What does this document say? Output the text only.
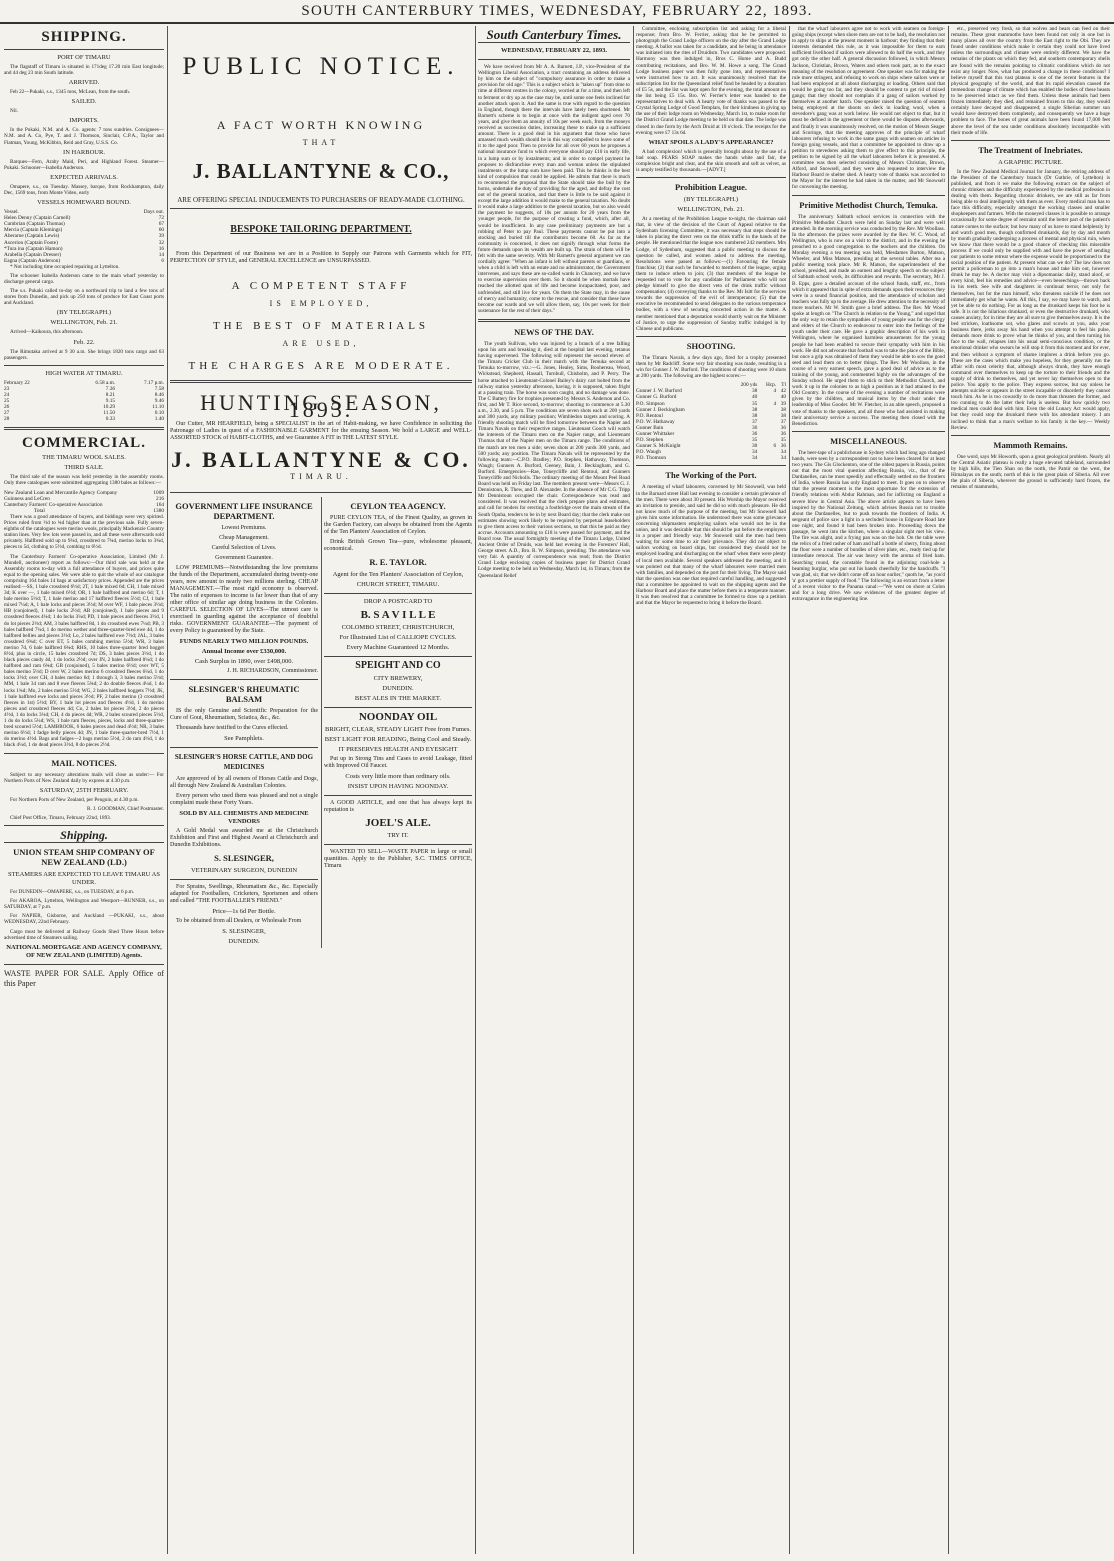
SOUTH CANTERBURY TIMES, WEDNESDAY, FEBRUARY 22, 1893.
SHIPPING.
PORT OF TIMARU

The flagstaff of Timaru is situated in 171deg 17.20 min East longitude; and 44 deg 23 min South latitude.

ARRIVED.

Feb 22—Pukaki, s.s., 1345 tons, McLean, from the south.

SAILED.

Nil.

IMPORTS.

In the Pukaki, N.M. and A. Co. agents: 7 tons sundries. Consignees—N.M. and A. Co, Pye, T. and J. Thomson, Sinclair, C.P.A., Taylor and Flatman, Young, McKibbin, Reid and Gray, U.S.S. Co.

IN HARBOUR.

Barques—Fern, Araby Maid, Peri, and Highland Forest. Steamer—Pukaki. Schooner—Isabella Anderson.

EXPECTED ARRIVALS.

Omapere, s.s., on Tuesday. Massey, barque, from Rockhampton, daily Dec, 1569 tons, from Monte Video, early

VESSELS HOMEWARD BOUND.
Vessel.	Days out.
Helen Denny (Captain Carnell)	72
Cumbrian (Captain Thomas)	67
Mercia (Captain Klemings)	60
Aberarne (Captain Lewis)	39
Ascerion (Captain Foote)	32
*Tura ina (Captain Hamon)	16
Arabella (Captain Dresser)	14
Eagna (Captain Anderson)	6

* Not including time occupied repairing at Lyttelton.

The schooner Isabella Anderson came to the main wharf yesterday to discharge general cargo.

The s.s. Pukaki called to-day on a northward trip to land a few tons of stores from Dunedin, and pick up 250 tons of produce for East Coast ports and Auckland.

(BY TELEGRAPH.)
WELLINGTON, Feb. 21.

Arrived—Kaikoura, this afternoon.

Feb. 22.

The Rimutaka arrived at 9 30 a.m. She brings 1820 tons cargo and 63 passengers.

HIGH WATER AT TIMARU.
February 22	6.58 a.m.	7.17 p.m.
23	7.36	7.58
24	8.21	8.46
25	9.15	9.46
26	10.29	11.10
27	11.50	0.10
28	0.33	1.40
COMMERCIAL.
THE TIMARU WOOL SALES.
THIRD SALE.

The third sale of the season was held yesterday in the assembly rooms. Only three catalogues were submitted aggregating 1380 bales as follows:—

New Zealand Loan and Mercantile Agency Company	1009
Guinness and LeCren	216
Canterbury Farmers' Co-operative Association	164
Total	1380

There was a good attendance of buyers, and biddings were very spirited. Prices ruled from ½d to ¾d higher than at the previous sale. Fully seven-eighths of the catalogues were merino wools, principally Mackenzie Country station lines. Very few lots were passed in, and all these were afterwards sold privately. Halfbred sold up to 9¼d, crossbred to 7¾d, merino locks to 3¾d, pieces to 5d, clothing to 5½d, combing to 6½d.

The Canterbury Farmers' Co-operative Association, Limited (Mr J. Mundell, auctioneer) report as follows:—Our third sale was held at the Assembly rooms to-day with a full attendance of buyers, and prices quite equal to the opening sales. We were able to quit the whole of our catalogue comprising 164 bales 14 bags at satisfactory prices. Appended are the prices realised:—SS, 1 bale crossbred 6½d; 2T, 1 bale mixed 6d; CH, 1 bale mixed 3d; K over —, 1 bale mixed 6½d; OR, 1 bale halfbred and merino 6d; T, 1 bale merino 5½d; T, 1 bale merino and 17 halfbred fleeces 5½d; CJ, 1 bale mixed 7¼d; A, 1 bale locks and pieces 3½d; M over WF, 1 bale pieces 3½d; HB (conjoined), 1 bale locks 2½d; AB (conjoined), 1 bale pieces and 9 crossbred fleeces 4¼d; 1 do locks 3¼d; PD, 1 bale pieces and fleeces 3½d, 1 do lot pieces 2½d; AM, 3 bales halfbred 8d, 1 do crossbred ewes 7¼d; PB, 3 bales halfbred 7¼d, 1 do merino wether and three-quarter-bred ewe 4d, 1 do halfbred bellies and pieces 3½d; Lo, 2 bales halfbred ewe 7½d; JAL, 3 bales crossbred 6¾d; C over ET, 5 bales combing merino 5½d; WR, 3 bales merino 7d, 6 bale halfbred 6¾d; RHS, 10 bales three-quarter bred hogget 8½d, plus in circle, 15 bales crossbred 7d; DS, 3 bales pieces 3½d, 1 do black pieces candy 4d, 1 do locks 2½d; over JN, 2 bales halfbred 8¼d; 1 do halfbred and ram 6¾d; GB (conjoined), 5 bales merino 6½d; over WT, 5 bales merino 5½d; D over W, 2 bales merino 6 crossbred fleeces 6¼d, 1 do locks 3½d; over CH, 4 bales merino 6d; 1 through 3, 3 bales merino 5½d; MM, 1 bale 34 ram and 8 ewe fleeces 5¾d; 2 do double fleeces 4¼d, 1 do locks 1¾d; Mo, 2 bales merino 5½d; WG, 2 bales halfbred hoggets 7½d; JK, 1 bale halfbred ewe locks and pieces 3½d; PF, 2 bales merino (3 crossbred fleeces in 1st) 5½d; BY, 1 bale lot pieces and fleeces 4½d, 1 do merino pieces and crossbred fleeces 4d; Co, 2 bales lot pieces 3½d, 2 do pieces 4½d, 1 do locks 3¼d; CH, 4 do pieces 4d; WR, 2 bales scoured pieces 5½d, 1 do do locks 5¼d; WS, 1 bale ram fleeces, pieces, locks and three-quarter-bred scoured 5½d; LAMBROOK, 6 bales pieces and dead 4½d; NR, 3 bales merino 6½d; 1 fadge belly pieces 4d; JN, 1 bale three-quarter-bred 7½d, 1 do merino 4½d. Bags and fadges—2 bags merino 5½d, 2 do ram 4½d, 1 do black 4¼d, 1 do dead pieces 3½d, 8 do pieces 2½d.

MAIL NOTICES.

Subject to any necessary alterations mails will close as under:— For Northern Ports of New Zealand daily by express at 4.30 p.m.

SATURDAY, 25TH FEBRUARY.

For Northern Ports of New Zealand, per Penguin, at 4.30 p.m.

R. J. GOODMAN, Chief Postmaster.

Chief Post Office, Timaru, February 22nd, 1893.

Shipping.
UNION STEAM SHIP COMPANY OF NEW ZEALAND (LD.)
STEAMERS ARE EXPECTED TO LEAVE TIMARU AS UNDER.

For DUNEDIN—OMAPERE, s.s., on TUESDAY, at 6 p.m.

For AKAROA, Lyttelton, Wellington and Westport—RUNNER, s.s., on SATURDAY, at 7 p.m.

For NAPIER, Gisborne, and Auckland —PUKAKI, s.s., about WEDNESDAY, 22nd February.

Cargo must be delivered at Railway Goods Shed Three Hours before advertised time of Steamers sailing.

NATIONAL MORTGAGE AND AGENCY COMPANY, OF NEW ZEALAND (LIMITED) Agents.

WASTE PAPER FOR SALE. Apply Office of this Paper

PUBLIC NOTICE.
A FACT WORTH KNOWING
THAT
J. BALLANTYNE & CO.,
ARE OFFERING SPECIAL INDUCEMENTS TO PURCHASERS OF READY-MADE CLOTHING.
BESPOKE TAILORING DEPARTMENT.

From this Department of our Business we are in a Position to Supply our Patrons with Garments which for FIT, PERFECTION OF STYLE, and GENERAL EXCELLENCE are UNSURPASSED.

A COMPETENT STAFF
IS EMPLOYED,
THE BEST OF MATERIALS
ARE USED,
THE CHARGES ARE MODERATE.
HUNTING SEASON, 1893.

Our Cutter, MR HEARFIELD, being a SPECIALIST in the art of Habit-making, we have Confidence in soliciting the Patronage of Ladies in quest of a FASHIONABLE GARMENT for the ensuing Season. We hold a LARGE and WELL-ASSORTED STOCK of HABIT-CLOTHS, and we Guarantee A FIT in THE LATEST STYLE.

J. BALLANTYNE & CO.
TIMARU.
GOVERNMENT LIFE INSURANCE DEPARTMENT.

Lowest Premiums.

Cheap Management.

Careful Selection of Lives.

Government Guarantee.

LOW PREMIUMS—Notwithstanding the low premiums the funds of the Department, accumulated during twenty-one years, now amount to nearly two millions sterling. CHEAP MANAGEMENT.—The most rigid economy is observed. The ratio of expenses to income is far lower than that of any other office of similar age doing business in the Colonies. CAREFUL SELECTION OF LIVES—The utmost care is exercised in guarding against the acceptance of doubtful risks. GOVERNMENT GUARANTEE—The payment of every Policy is guaranteed by the State.

FUNDS NEARLY TWO MILLION POUNDS.
Annual Income over £330,000.
Cash Surplus in 1890, over £498,000.

J. H. RICHARDSON, Commissioner.

SLESINGER'S RHEUMATIC BALSAM

IS the only Genuine and Scientific Preparation for the Cure of Gout, Rheumatism, Sciatica, &c., &c.

Thousands have testified to the Cures effected.

See Pamphlets.
SLESINGER'S HORSE CATTLE, AND DOG MEDICINES

Are approved of by all owners of Horses Cattle and Dogs, all through New Zealand & Australian Colonies.

Every person who used them was pleased and not a single complaint made these Forty Years.

SOLD BY ALL CHEMISTS AND MEDICINE VENDORS

A Gold Medal was awarded me at the Christchurch Exhibition and First and Highest Award at Christchurch and Dunedin Exhibitions.

S. SLESINGER,
VETERINARY SURGEON, DUNEDIN

For Sprains, Swellings, Rheumatism &c., &c. Especially adapted for Footballers, Cricketers, Sportsmen and others and called "THE FOOTBALLER'S FRIEND."

Price—1s 6d Per Bottle.

To be obtained from all Dealers, or Wholesale From

S. SLESINGER,
DUNEDIN.
CEYLON TEA AGENCY.

PURE CEYLON TEA, of the Finest Quality, as grown in the Garden Factory, can always be obtained from the Agents of the Ten Planters' Association of Ceylon.

Drink British Grown Tea—pure, wholesome pleasant, economical.

R. E. TAYLOR.
Agent for the Ten Planters' Association of Ceylon,
CHURCH STREET, TIMARU.
DROP A POSTCARD TO
B. S A V I L L E
COLOMBO STREET, CHRISTCHURCH,
For Illustrated List of CALLIOPE CYCLES.
Every Machine Guaranteed 12 Months.
SPEIGHT AND CO
CITY BREWERY,
DUNEDIN.
BEST ALES IN THE MARKET.
NOONDAY OIL
BRIGHT, CLEAR, STEADY LIGHT Free from Fumes.
BEST LIGHT FOR READING, Being Cool and Steady.
IT PRESERVES HEALTH AND EYESIGHT

Put up in Strong Tins and Cases to avoid Leakage, fitted with Improved Oil Faucet.

Costs very little more than ordinary oils.
INSIST UPON HAVING NOONDAY.

A GOOD ARTICLE, and one that has always kept its reputation is

JOEL'S ALE.
TRY IT.

WANTED TO SELL—WASTE PAPER in large or small quantities. Apply to the Publisher, S.C. TIMES OFFICE, Timaru

South Canterbury Times.
WEDNESDAY, FEBRUARY 22, 1893.

We have received from Mr A. A. Barnett, J.P., vice-President of the Wellington Liberal Association, a tract containing an address delivered by him on the subject of "compulsory assurance in order to make a provision for old age." This is a subject which is "taken up" from time to time at different centres in the colony, worried at for a time, and then left to ferment or dry up as the case may be, until some one feels inclined for another attack upon it. And the same is true with regard to the question in England, though there the intervals have lately been shortened. Mr Barnett's scheme is to begin at once with the indigent aged over 70 years, and give them an annuity of 10s per week each, from the moneys received as succession duties, increasing these to make up a sufficient amount. There is a good deal in his argument that those who have amassed much wealth should be in this way compelled to leave some of it to the aged poor. Then to provide for all over 60 years he proposes a national insurance fund to which everyone should pay £10 in early life, in a lump sum or by instalments; and in order to compel payment he proposes to disfranchise every man and woman unless the stipulated instalments or the lump sum have been paid. This he thinks is the best kind of compulsion that could be applied. He admits that there is much to recommend the proposal that the State should take the bull by the horns, undertake the duty of providing for the aged, and defray the cost out of the general taxation, and that there is little to be said against it except the large addition it would make to the general taxation. No doubt it would make a large addition to the general taxation, but so also would the payment he suggests, of 10s per annum for 20 years from the younger people, for the purpose of creating a fund, which, after all, would be insufficient. In any case preliminary payments are but a robbing of Peter to pay Paul. These payments cannot be put into a stocking and buried till the contributors become 60. As far as the community is concerned, it does not signify through what forms the future demands upon its wealth are built up. The strain of them will be felt with the same severity. With Mr Barnett's general argument we can cordially agree: "When an infant is left without parents or guardians, or when a child is left with an estate and no administrator, the Government intervenes, and says these are so-called wards in Chancery, and we have to exercise supervision over them. So it should be when mortals have reached the allotted span of life and become incapacitated, poor, and unfriended, and still live for years. On them the State may, in the cause of mercy and humanity, come to the rescue, and consider that these have become our wards and we will allow them, say, 10s per week for their sustenance for the rest of their days."

NEWS OF THE DAY.

The youth Sullivan, who was injured by a branch of a tree falling upon his arm and breaking it, died at the hospital last evening, tetanus having supervened. The following will represent the second eleven of the Timaru Cricket Club in their match with the Temuka second at Temuka to-morrow, viz.:—G. Jones, Healey, Sims, Boohereau, Wood, Wickstead, Shepherd, Hassall, Turnbull, Chisholm, and P. Perry. The horse attached to Lieutenant-Colonel Bailey's dairy cart bolted from the railway station yesterday afternoon, having, it is supposed, taken fright at a passing train. The horse was soon caught, and no damage was done. The C Battery fire for trophies presented by Messrs S. Anderson and Co. first, and Mr T. Rice second, to-morrow; shooting to commence at 5.30 a.m., 2.30, and 5 p.m. The conditions are seven shots each at 200 yards and 300 yards, any military position; Wimbledon targets and scoring. A friendly shooting match will be fired tomorrow between the Napier and Timaru Navals on their respective ranges. Lieutenant Gooch will watch the interests of the Timaru men on the Napier range, and Lieutenant Thomas that of the Napier men on the Timaru range. The conditions of the match are ten men a side; seven shots at 200 yards 300 yards, and 500 yards; any position. The Timaru Navals will be represented by the following team:—C.P.O. Bradley; P.O. Stephen, Hathaway, Thomson, Waugh; Gunners A. Burford, Geeney, Bain, J. Beckingham, and G. Burford. Emergencies—Rae, Toneycliffe and Rentoul, and Gunners Toneycliffe and Nicholls. The ordinary meeting of the Mount Peel Road Board was held on Friday last. The members present were—Messrs G. J. Dennistoun, R. Thew, and D. Alexander. In the absence of Mr C.G. Tripp Mr Dennistoun occupied the chair. Correspondence was read and considered. It was resolved that the clerk prepare plans and estimates, and call for tenders for erecting a footbridge over the main stream of the South Opuha, tenders to be in by next Board day; that the clerk make out estimates showing work likely to be required by perpetual leaseholders to give them access to their various sections, so that this be paid as they accrue. Accounts amounting to £18 is were passed for payment, and the Board rose. The usual fortnightly meeting of the Timaru Lodge, United Ancient Order of Druids, was held last evening in the Foresters' Hall, George street. A.D., Bro. R. W. Simpson, presiding. The attendance was very fair. A quantity of correspondence was read; from the District Grand Lodge enclosing copies of business paper for District Grand Lodge meeting to be held on Wednesday, March 1st, in Timaru; from the Queensland Relief

Committee, enclosing subscription list and asking for a liberal response; from Bro. W. Ferrier, asking that he be permitted to photograph the Grand Lodge officers on the day after the Grand Lodge meeting. A ballot was taken for a candidate, and he being in attendance was initiated into the rites of Druidism. Two candidates were proposed. Harmony was then indulged in, Bros C. Home and A. Budd contributing recitations, and Bro. W. M. Howe a song. The Grand Lodge business paper was then fully gone into, and representatives were instructed how to act. It was unanimously resolved that the subscription list for the Queensland relief fund be headed by a donation of £5 5s, and the list was kept open for the evening, the total amount on the list being £5 15s. Bro. W. Ferrier's letter was handed to the representatives to deal with. A hearty vote of thanks was passed to the Crystal Spring Lodge of Good Templars, for their kindness in giving up the use of their lodge room on Wednesday, March 1st, to make room for the District Grand Lodge meeting to be held on that date. The lodge was closed in due form by the Arch Druid at 10 o'clock. The receipts for the evening were £7 13s 6d.

WHAT SPOILS A LADY'S APPEARANCE?

A bad complexion! which is generally brought about by the use of a bad soap. PEARS SOAP makes the hands white and fair, the complexion bright and clear, and the skin smooth and soft as velvet, as is amply testified by thousands.—[ADVT.]

Prohibition League.
(BY TELEGRAPH.)
WELLINGTON, Feb. 21.

At a meeting of the Prohibition League to-night, the chairman said that, in view of the decision of the Court of Appeal relative to the Sydenham licensing Committee, it was necessary that steps should be taken in placing the direct veto on the drink traffic in the hands of the people. He mentioned that the league now numbered 242 members. Mrs Lodge, of Sydenham, suggested that a public meeting to discuss the question be called, and women asked to address the meeting. Resolutions were passed as follows:—(1) Favouring the female franchise; (2) that each be forwarded to members of the league, urging them to induce others to join; (3) that members of the league be requested not to vote for any candidate for Parliament who will not pledge himself to give the direct veto of the drink traffic without compensation; (4) conveying thanks to the Rev. Mr Isitt for the services towards the suppression of the evil of intemperance; (5) that the executive be recommended to send delegates to the various temperance bodies, with a view of securing concerted action in the matter. A member mentioned that a deputation would shortly wait on the Minister of Justice, to urge the suppression of Sunday traffic indulged in by Chinese and publicans.

SHOOTING.

The Timaru Navals, a few days ago, fired for a trophy presented them by Mr Radcliff. Some very fair shooting was made, resulting in a win for Gunner J. W. Burford. The conditions of shooting were 10 shots at 200 yards. The following are the highest scores:—

	200 yds	Hcp.	Tl
Gunner J. W. Burford	38	4	42
Gunner G. Burford	40		40
P.O. Simpson	35	4	39
Gunner J. Beckingham	38		38
P.O. Rentoul	38		38
P.O. W. Hathaway	37		37
Gunner Bain	36		36
Gunner Whittaker	36		36
P.O. Stephen	35		35
Gunner S. McKnight	30	6	36
P.O. Waugh	34		34
P.O. Thomson	34		34
The Working of the Port.

A meeting of wharf labourers, convened by Mr Snowsell, was held in the Barnard street Hall last evening to consider a certain grievance of the men. There were about 30 present. His Worship the Mayor received an invitation to preside, and said he did so with much pleasure. He did not know much of the purpose of the meeting, but Mr Snowsell had given him some information. He understood there was some grievance concerning shipmasters employing sailors who would not be in the union, and it was desirable that this should be put before the employers in a proper and friendly way. Mr Snowsell said the men had been waiting for some time to air their grievance. They did not object to sailors working on board ships, but considered they should not be employed loading and discharging on the wharf when there were plenty of local men available. Several speakers addressed the meeting, and it was pointed out that many of the wharf labourers were married men with families, and depended on the port for their living. The Mayor said that the question was one that required careful handling, and suggested that a committee be appointed to wait on the shipping agents and the Harbour Board and place the matter before them in a temperate manner. It was then resolved that a committee be formed to draw up a petition and that the Mayor be requested to bring it before the Board.

that the wharf labourers agree not to work with seamen on foreign-going ships (except when shore men are not to be had), the resolution not to apply to ships at the present moment in harbour; they finding that their interests demanded this rule, as it was impossible for them to earn sufficient livelihood if sailors were allowed to do half the work, and they got only the other half. A general discussion followed, in which Messrs Jackson, Christian, Brown, Waters and others took part, as to the exact meaning of the resolution or agreement. One speaker was for making the rule more stringent, and refusing to work on ships where sailors were or had been employed at all about discharging or loading. Others said that would be going too far, and they should be content to get rid of mixed gangs; that they should not complain if a gang of sailors worked by themselves at another hatch. One speaker raised the question of seamen being employed at the shoots on deck in loading wool, when a stevedore's gang was at work below. He would not object to that, but it must be defined in the agreement or there would be disputes afterwards, and finally it was unanimously resolved, on the motion of Messrs Seager and Scoringe, that the meeting approves of the principle of wharf labourers refusing to work in the same gangs with seamen on articles in foreign going vessels, and that a committee be appointed to draw up a petition to stevedores asking them to give effect to this principle, the petition to be signed by all the wharf labourers before it is presented. A committee was then selected consisting of Messrs Christian, Brown, Alford, and Snowsell, and they were also requested to interview the Harbour Board re shelter shed. A hearty vote of thanks was accorded to the Mayor for the interest he had taken in the matter, and Mr Snowsell for convening the meeting.

Primitive Methodist Church, Temuka.

The anniversary Sabbath school services in connection with the Primitive Methodist Church were held on Sunday last and were well attended. In the morning service was conducted by the Rev. Mr Woollass. In the afternoon the prizes were awarded by the Rev. W. C. Wood, of Wellington, who is now on a visit to the district, and in the evening he preached to a good congregation to the teachers and the children. On Monday evening a tea meeting was held, Mesdames Burton, Matson, Wheeler, and Miss Matson, presiding at the several tables. After tea a public meeting took place. Mr R. Matson, the superintendent of the school, presided, and made an earnest and lengthy speech on the subject of Sabbath school work, its difficulties and rewards. The secretary, Mr J. B. Epps, gave a detailed account of the school funds, staff, etc., from which it appeared that in spite of extra demands upon their resources they were in a sound financial position, and the attendance of scholars and teachers was fully up to the average. He drew attention to the necessity of more teachers. Mr W. Smith gave a brief address. The Rev. Mr Wood spoke at length on "The Church in relation to the Young," and urged that the only way to retain the sympathies of young people was for the clergy and elders of the Church to endeavour to enter into the feelings of the youth under their care. He gave a graphic description of his work in Wellington, where he organised harmless amusements for the young people he had been enabled to secure their sympathy with him in his work. He did not advocate that football was to take the place of the Bible, but once a grip was obtained of them they would be able to sow the good seed and lead them on to better things. The Rev. Mr Woollass, in the course of a very earnest speech, gave a good deal of advice as to the training of the young, and commented highly on the advantages of the Sunday school. He urged them to stick to their Methodist Church, and work it up in the colonies to as high a position as it had attained in the Old Country. In the course of the evening a number of recitations were given by the children, and musical items by the choir under the leadership of Miss Gooder. Mr W. Fletcher, in an able speech, proposed a vote of thanks to the speakers, and all those who had assisted in making their anniversary service a success. The meeting then closed with the Benediction.

MISCELLANEOUS.

The beer-tape of a publichouse in Sydney which had long ago changed hands, were seen by a correspondent not to have been cleared for at least two years. The Gis Glockenton, one of the oldest papers in Russia, points out that the most vital question affecting Russia, viz., that of the Dardanelles, can be most speedily and effectually settled on the frontiers of India, where Russia has only England to meet. It goes on to observe that the present moment is the most opportune for the extension of friendly relations with Abdur Rahman, and for inflicting on England a severe blow in Central Asia. The above article appears to have been inspired by the National Zeitung, which advises Russia not to trouble about the Dardanelles, but to push towards the frontiers of India. A sergeant of police saw a light in a secluded house in Edgware Road late one night, and found it had been broken into. Proceeding down the passage, he went into the kitchen, where a singular sight met his view. The fire was alight, and a frying pan was on the hob. On the table were the relics of a fried rasher of ham and half a bottle of sherry, fixing about the floor were a number of bundles of silver plate, etc., ready tied up for immediate removal. The air was heavy with the aroma of fried ham. Searching round, the constable found in the adjoining coal-hole a beaming burglar, who put out his hands cheerfully for the handcuffs. "I was glad, sir, that we didn't come off an hour earlier," quoth he, "as you'd 'a' got a prettier supply of food." The following is an extract from a letter of a recent visitor to the Panama canal:—"We went on shore at Colon and for a long drive. We saw evidences of the greatest degree of extravagance in the engineering line.

etc., preserved very fresh, so that wolves and bears can feed on their remains. These great mammoths have been found not only in one but in many places all over the country from the East right to the Obi. They are found under conditions which make it certain they could not have lived unless the surroundings and climate were entirely different. We have the remains of the plants on which they fed, and southern contemporary shells are found with the remains pointing to climatic conditions which do not exist any longer. Now, what has produced a change in these conditions? I believe myself that this vast plateau is one of the recent features in the physical geography of the world, and that its rapid elevation caused the tremendous change of climate which has enabled the bodies of these beasts to be preserved intact as we find them. Unless these animals had been frozen immediately they died, and remained frozen to this day, they would certainly have decayed and disappeared; a single Siberian summer sun would have destroyed them completely, and consequently we have a huge problem to face. The bones of great animals have been found 17,000 feet above the level of the sea under conditions absolutely incompatible with their mode of life.

The Treatment of Inebriates.
A GRAPHIC PICTURE.

In the New Zealand Medical Journal for January, the retiring address of the President of the Canterbury branch (Dr Guthrie, of Lyttelton) is published, and from it we make the following extract on the subject of chronic drinkers and the difficulty experienced by the medical profession in dealing with them. Regarding chronic drinkers, we are still as far from being able to deal intelligently with them as ever. Every medical man has to face this difficulty, especially amongst the working classes and smaller shopkeepers and farmers. With the moneyed classes it is possible to arrange occasionally for some degree of restraint until the better part of the patient's nature comes to the surface; but how many of us have to stand helplessly by and watch good men, though confirmed drunkards, day by day and month by month gradually undergoing a process of mental and physical ruin, when we know that there would be a good chance of checking this miserable process if we could only be supplied with and have the power of sending our patients to some retreat where the expense would be proportioned to the social position of the patient. At present what can we do? The law does not permit a policeman to go into a man's house and take him out, however drunk he may be. A doctor may visit a dipsomaniac daily, stand aloof, or every kind, feel his remedies and advice—even beseechings—thrown back in his teeth. See wife and daughters in continual terror, not only for themselves, but for the man himself, who threatens suicide if he does not immediately get what he wants. All this, I say, we may have to watch, and yet be able to do nothing. For as long as the drunkard keeps his foot he is safe. It is not the hilarious drunkard, or even the destructive drunkard, who causes anxiety, for in time they are all sure to give themselves away. It is the bed stricken, loathsome sot, who glares and scowls at you, asks your business there, jerks away his hand when you attempt to feel his pulse, demands more drink to prove what he thinks of you, and then turning his face to the wall, relapses into his usual semi-conscious condition, or the emotional drinker who swears he will stop it from this moment and for ever, and then without a symptom of shame implores a drink before you go. These are the cases which make you hopeless, for they generally run the affair with most celerity that, although always drunk, they have enough command over themselves to keep up the torture to their friends and the supply of drink to themselves, and yet never lay themselves open to the police. You apply to the police. They express sorrow, but say unless he attempts suicide or appears in the street incapable or disorderly they cannot touch him. As he is too cowardly to do more than threaten the former, and too cunning to do the latter their help is useless. But how quickly two medical men could deal with him. Even the old Lunacy Act would apply, but they could stop the drunkard there with his attendant misery. I am inclined to think that a man's welfare to his family is the key.— Weekly Review.

Mammoth Remains.

One word, says Mr Howorth, upon a great geological problem. Nearly all the Central Asiatic plateau is really a huge elevated tableland, surrounded by high hills, the Tien Shan on the north, the Pamir on the west, the Himalayas on the south; north of this is the great plain of Siberia. All over the plain of Siberia, wherever the ground is sufficiently hard frozen, the remains of mammoths,
